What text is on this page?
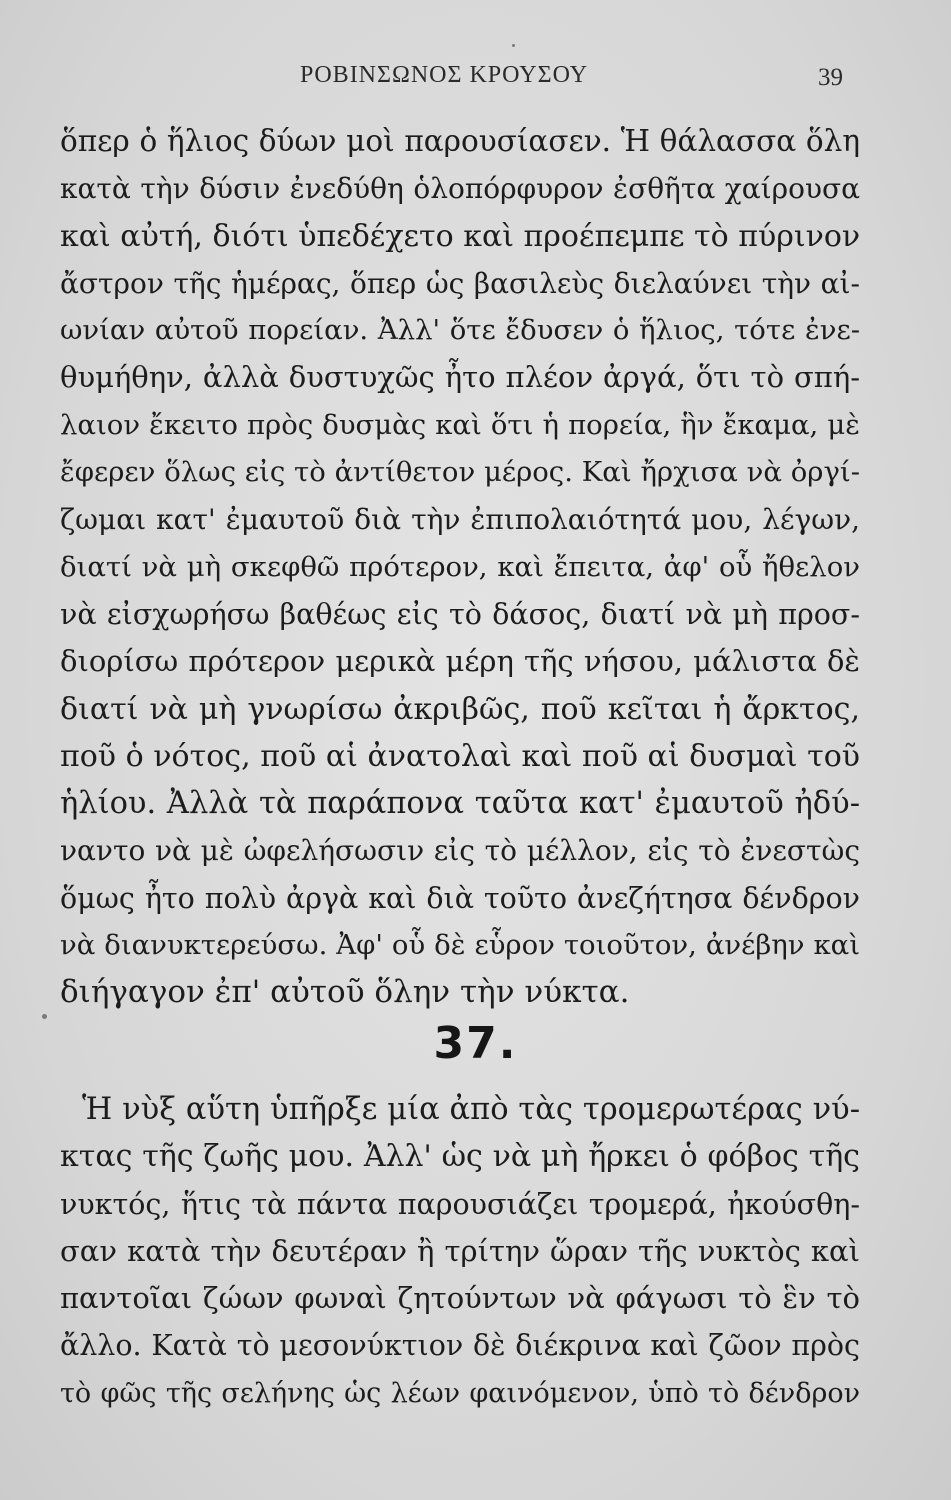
ΡΟΒΙΝΣΩΝΟΣ ΚΡΟΥΣΟΥ	39
ὅπερ ὁ ἥλιος δύων μοὶ παρουσίασεν. Ἡ θάλασσα ὅλη
κατὰ τὴν δύσιν ἐνεδύθη ὁλοπόρφυρον ἐσθῆτα χαίρουσα
καὶ αὐτή, διότι ὑπεδέχετο καὶ προέπεμπε τὸ πύρινον
ἄστρον τῆς ἡμέρας, ὅπερ ὡς βασιλεὺς διελαύνει τὴν αἰ-
ωνίαν αὐτοῦ πορείαν. Ἀλλ' ὅτε ἔδυσεν ὁ ἥλιος, τότε ἐνε-
θυμήθην, ἀλλὰ δυστυχῶς ἦτο πλέον ἀργά, ὅτι τὸ σπή-
λαιον ἔκειτο πρὸς δυσμὰς καὶ ὅτι ἡ πορεία, ἣν ἔκαμα, μὲ
ἔφερεν ὅλως εἰς τὸ ἀντίθετον μέρος. Καὶ ἤρχισα νὰ ὀργί-
ζωμαι κατ' ἐμαυτοῦ διὰ τὴν ἐπιπολαιότητά μου, λέγων,
διατί νὰ μὴ σκεφθῶ πρότερον, καὶ ἔπειτα, ἀφ' οὗ ἤθελον
νὰ εἰσχωρήσω βαθέως εἰς τὸ δάσος, διατί νὰ μὴ προσ-
διορίσω πρότερον μερικὰ μέρη τῆς νήσου, μάλιστα δὲ
διατί νὰ μὴ γνωρίσω ἀκριβῶς, ποῦ κεῖται ἡ ἄρκτος,
ποῦ ὁ νότος, ποῦ αἱ ἀνατολαὶ καὶ ποῦ αἱ δυσμαὶ τοῦ
ἡλίου. Ἀλλὰ τὰ παράπονα ταῦτα κατ' ἐμαυτοῦ ἠδύ-
ναντο νὰ μὲ ὠφελήσωσιν εἰς τὸ μέλλον, εἰς τὸ ἐνεστὼς
ὅμως ἦτο πολὺ ἀργὰ καὶ διὰ τοῦτο ἀνεζήτησα δένδρον
νὰ διανυκτερεύσω. Ἀφ' οὗ δὲ εὗρον τοιοῦτον, ἀνέβην καὶ
διήγαγον ἐπ' αὐτοῦ ὅλην τὴν νύκτα.
37.
Ἡ νὺξ αὕτη ὑπῆρξε μία ἀπὸ τὰς τρομερωτέρας νύ-
κτας τῆς ζωῆς μου. Ἀλλ' ὡς νὰ μὴ ἤρκει ὁ φόβος τῆς
νυκτός, ἥτις τὰ πάντα παρουσιάζει τρομερά, ἠκούσθη-
σαν κατὰ τὴν δευτέραν ἢ τρίτην ὥραν τῆς νυκτὸς καὶ
παντοῖαι ζώων φωναὶ ζητούντων νὰ φάγωσι τὸ ἓν τὸ
ἄλλο. Κατὰ τὸ μεσονύκτιον δὲ διέκρινα καὶ ζῶον πρὸς
τὸ φῶς τῆς σελήνης ὡς λέων φαινόμενον, ὑπὸ τὸ δένδρον
